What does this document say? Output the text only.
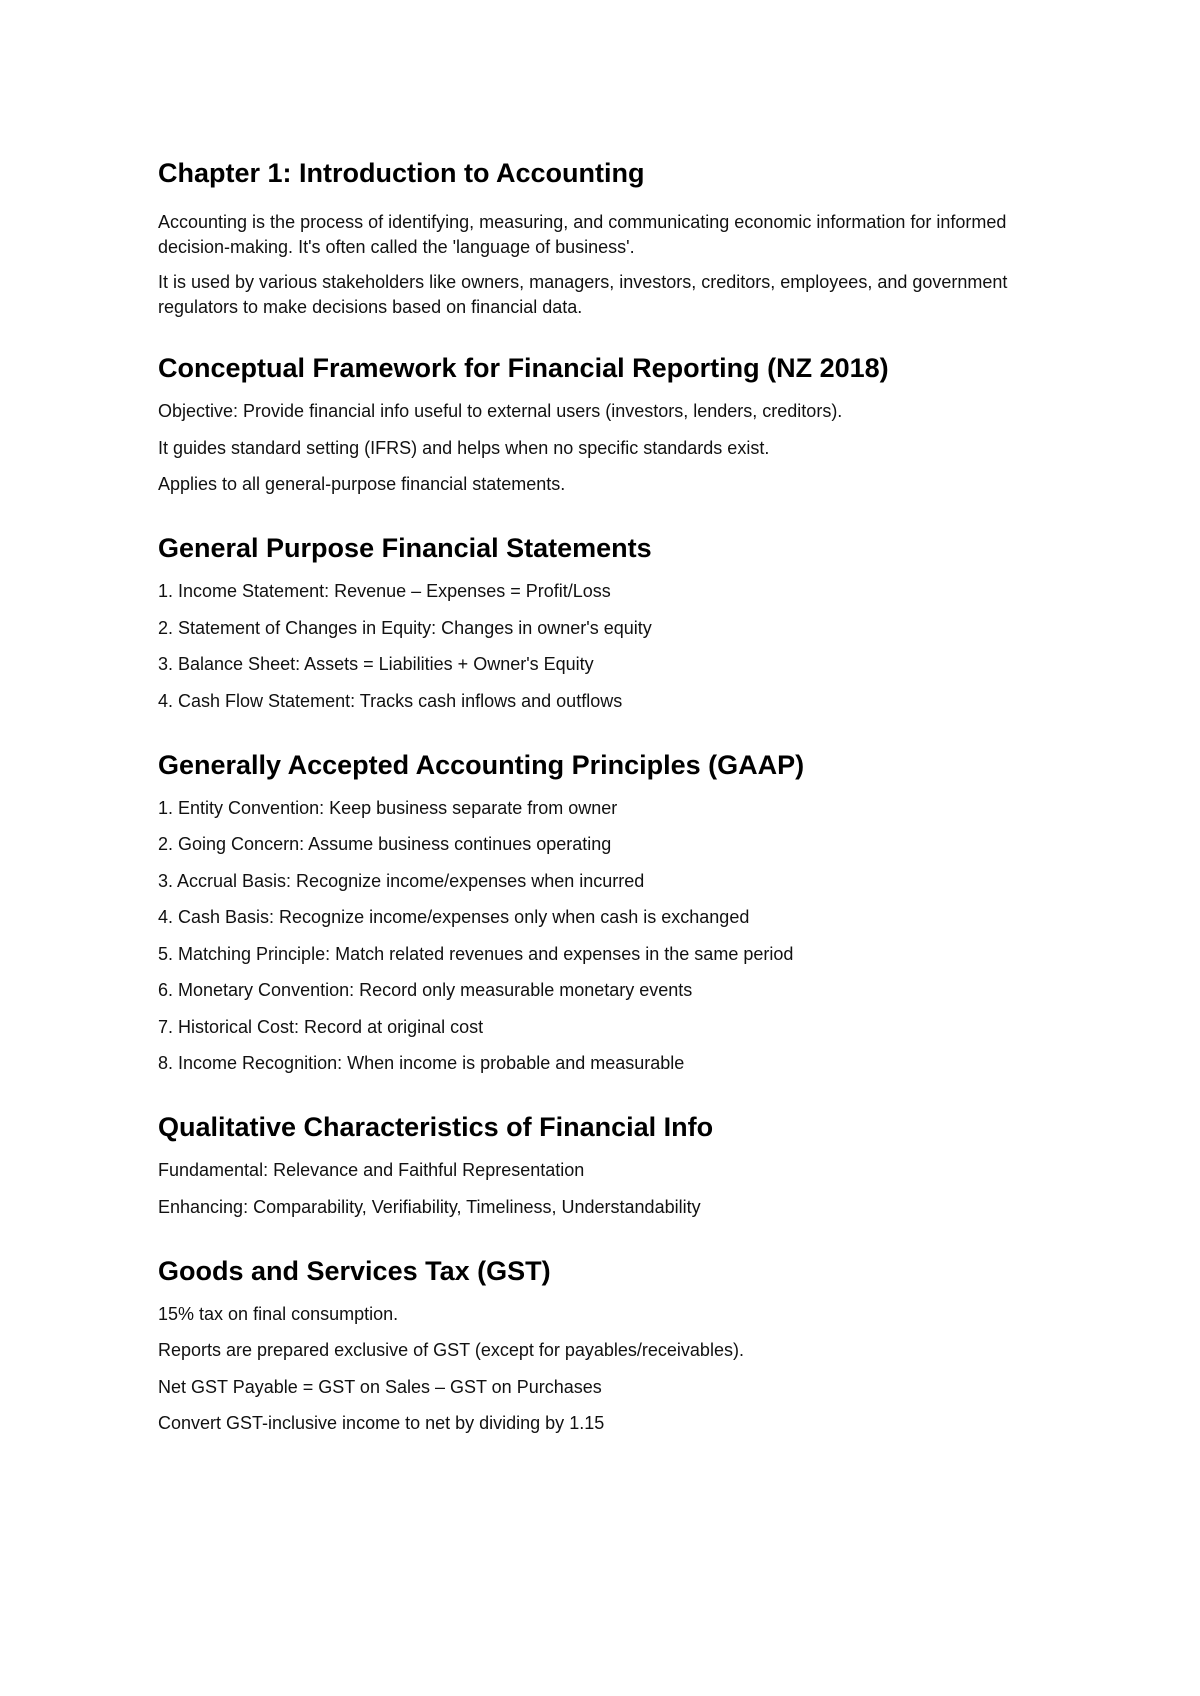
Chapter 1: Introduction to Accounting

Accounting is the process of identifying, measuring, and communicating economic information for informed decision-making. It's often called the 'language of business'.

It is used by various stakeholders like owners, managers, investors, creditors, employees, and government regulators to make decisions based on financial data.

Conceptual Framework for Financial Reporting (NZ 2018)

Objective: Provide financial info useful to external users (investors, lenders, creditors).

It guides standard setting (IFRS) and helps when no specific standards exist.

Applies to all general-purpose financial statements.

General Purpose Financial Statements

1. Income Statement: Revenue – Expenses = Profit/Loss

2. Statement of Changes in Equity: Changes in owner's equity

3. Balance Sheet: Assets = Liabilities + Owner's Equity

4. Cash Flow Statement: Tracks cash inflows and outflows

Generally Accepted Accounting Principles (GAAP)

1. Entity Convention: Keep business separate from owner

2. Going Concern: Assume business continues operating

3. Accrual Basis: Recognize income/expenses when incurred

4. Cash Basis: Recognize income/expenses only when cash is exchanged

5. Matching Principle: Match related revenues and expenses in the same period

6. Monetary Convention: Record only measurable monetary events

7. Historical Cost: Record at original cost

8. Income Recognition: When income is probable and measurable

Qualitative Characteristics of Financial Info

Fundamental: Relevance and Faithful Representation

Enhancing: Comparability, Verifiability, Timeliness, Understandability

Goods and Services Tax (GST)

15% tax on final consumption.

Reports are prepared exclusive of GST (except for payables/receivables).

Net GST Payable = GST on Sales – GST on Purchases

Convert GST-inclusive income to net by dividing by 1.15
